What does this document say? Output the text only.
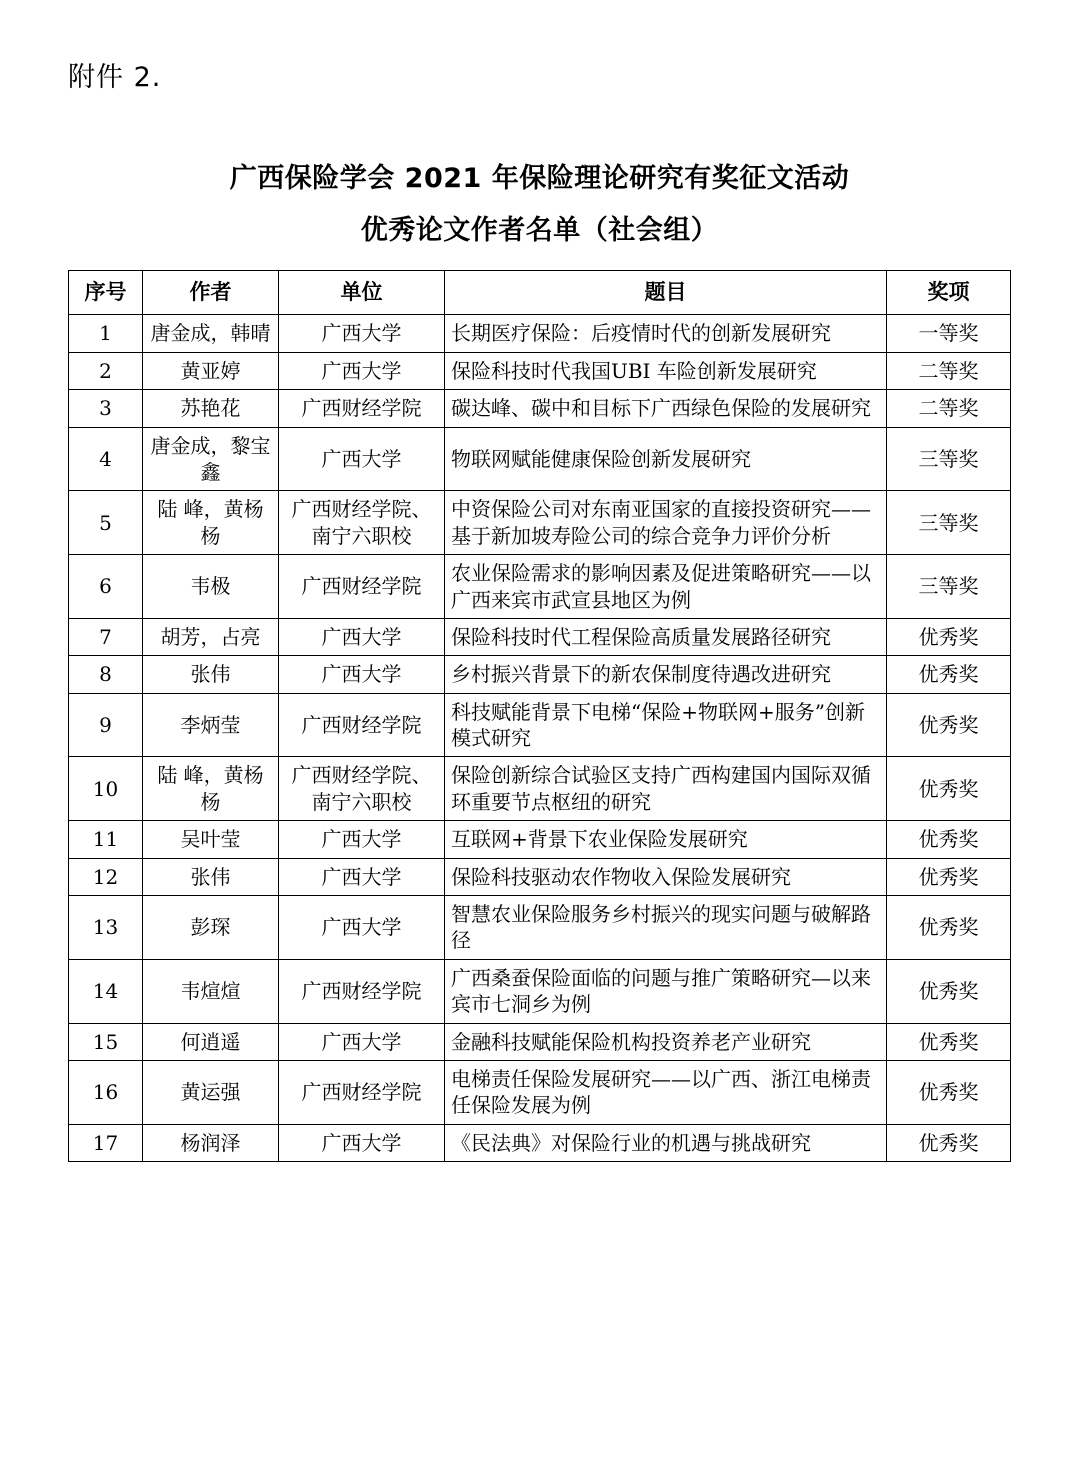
附件 2.
广西保险学会 2021 年保险理论研究有奖征文活动
优秀论文作者名单（社会组）
序号	作者	单位	题目	奖项
1	唐金成，韩晴	广西大学	长期医疗保险：后疫情时代的创新发展研究	一等奖
2	黄亚婷	广西大学	保险科技时代我国UBI 车险创新发展研究	二等奖
3	苏艳花	广西财经学院	碳达峰、碳中和目标下广西绿色保险的发展研究	二等奖
4	唐金成，黎宝鑫	广西大学	物联网赋能健康保险创新发展研究	三等奖
5	陆 峰，黄杨杨	广西财经学院、南宁六职校	中资保险公司对东南亚国家的直接投资研究——基于新加坡寿险公司的综合竞争力评价分析	三等奖
6	韦极	广西财经学院	农业保险需求的影响因素及促进策略研究——以广西来宾市武宣县地区为例	三等奖
7	胡芳，占亮	广西大学	保险科技时代工程保险高质量发展路径研究	优秀奖
8	张伟	广西大学	乡村振兴背景下的新农保制度待遇改进研究	优秀奖
9	李炳莹	广西财经学院	科技赋能背景下电梯“保险+物联网+服务”创新模式研究	优秀奖
10	陆 峰，黄杨杨	广西财经学院、南宁六职校	保险创新综合试验区支持广西构建国内国际双循环重要节点枢纽的研究	优秀奖
11	吴叶莹	广西大学	互联网+背景下农业保险发展研究	优秀奖
12	张伟	广西大学	保险科技驱动农作物收入保险发展研究	优秀奖
13	彭琛	广西大学	智慧农业保险服务乡村振兴的现实问题与破解路径	优秀奖
14	韦煊煊	广西财经学院	广西桑蚕保险面临的问题与推广策略研究—以来宾市七洞乡为例	优秀奖
15	何逍遥	广西大学	金融科技赋能保险机构投资养老产业研究	优秀奖
16	黄运强	广西财经学院	电梯责任保险发展研究——以广西、浙江电梯责任保险发展为例	优秀奖
17	杨润泽	广西大学	《民法典》对保险行业的机遇与挑战研究	优秀奖
